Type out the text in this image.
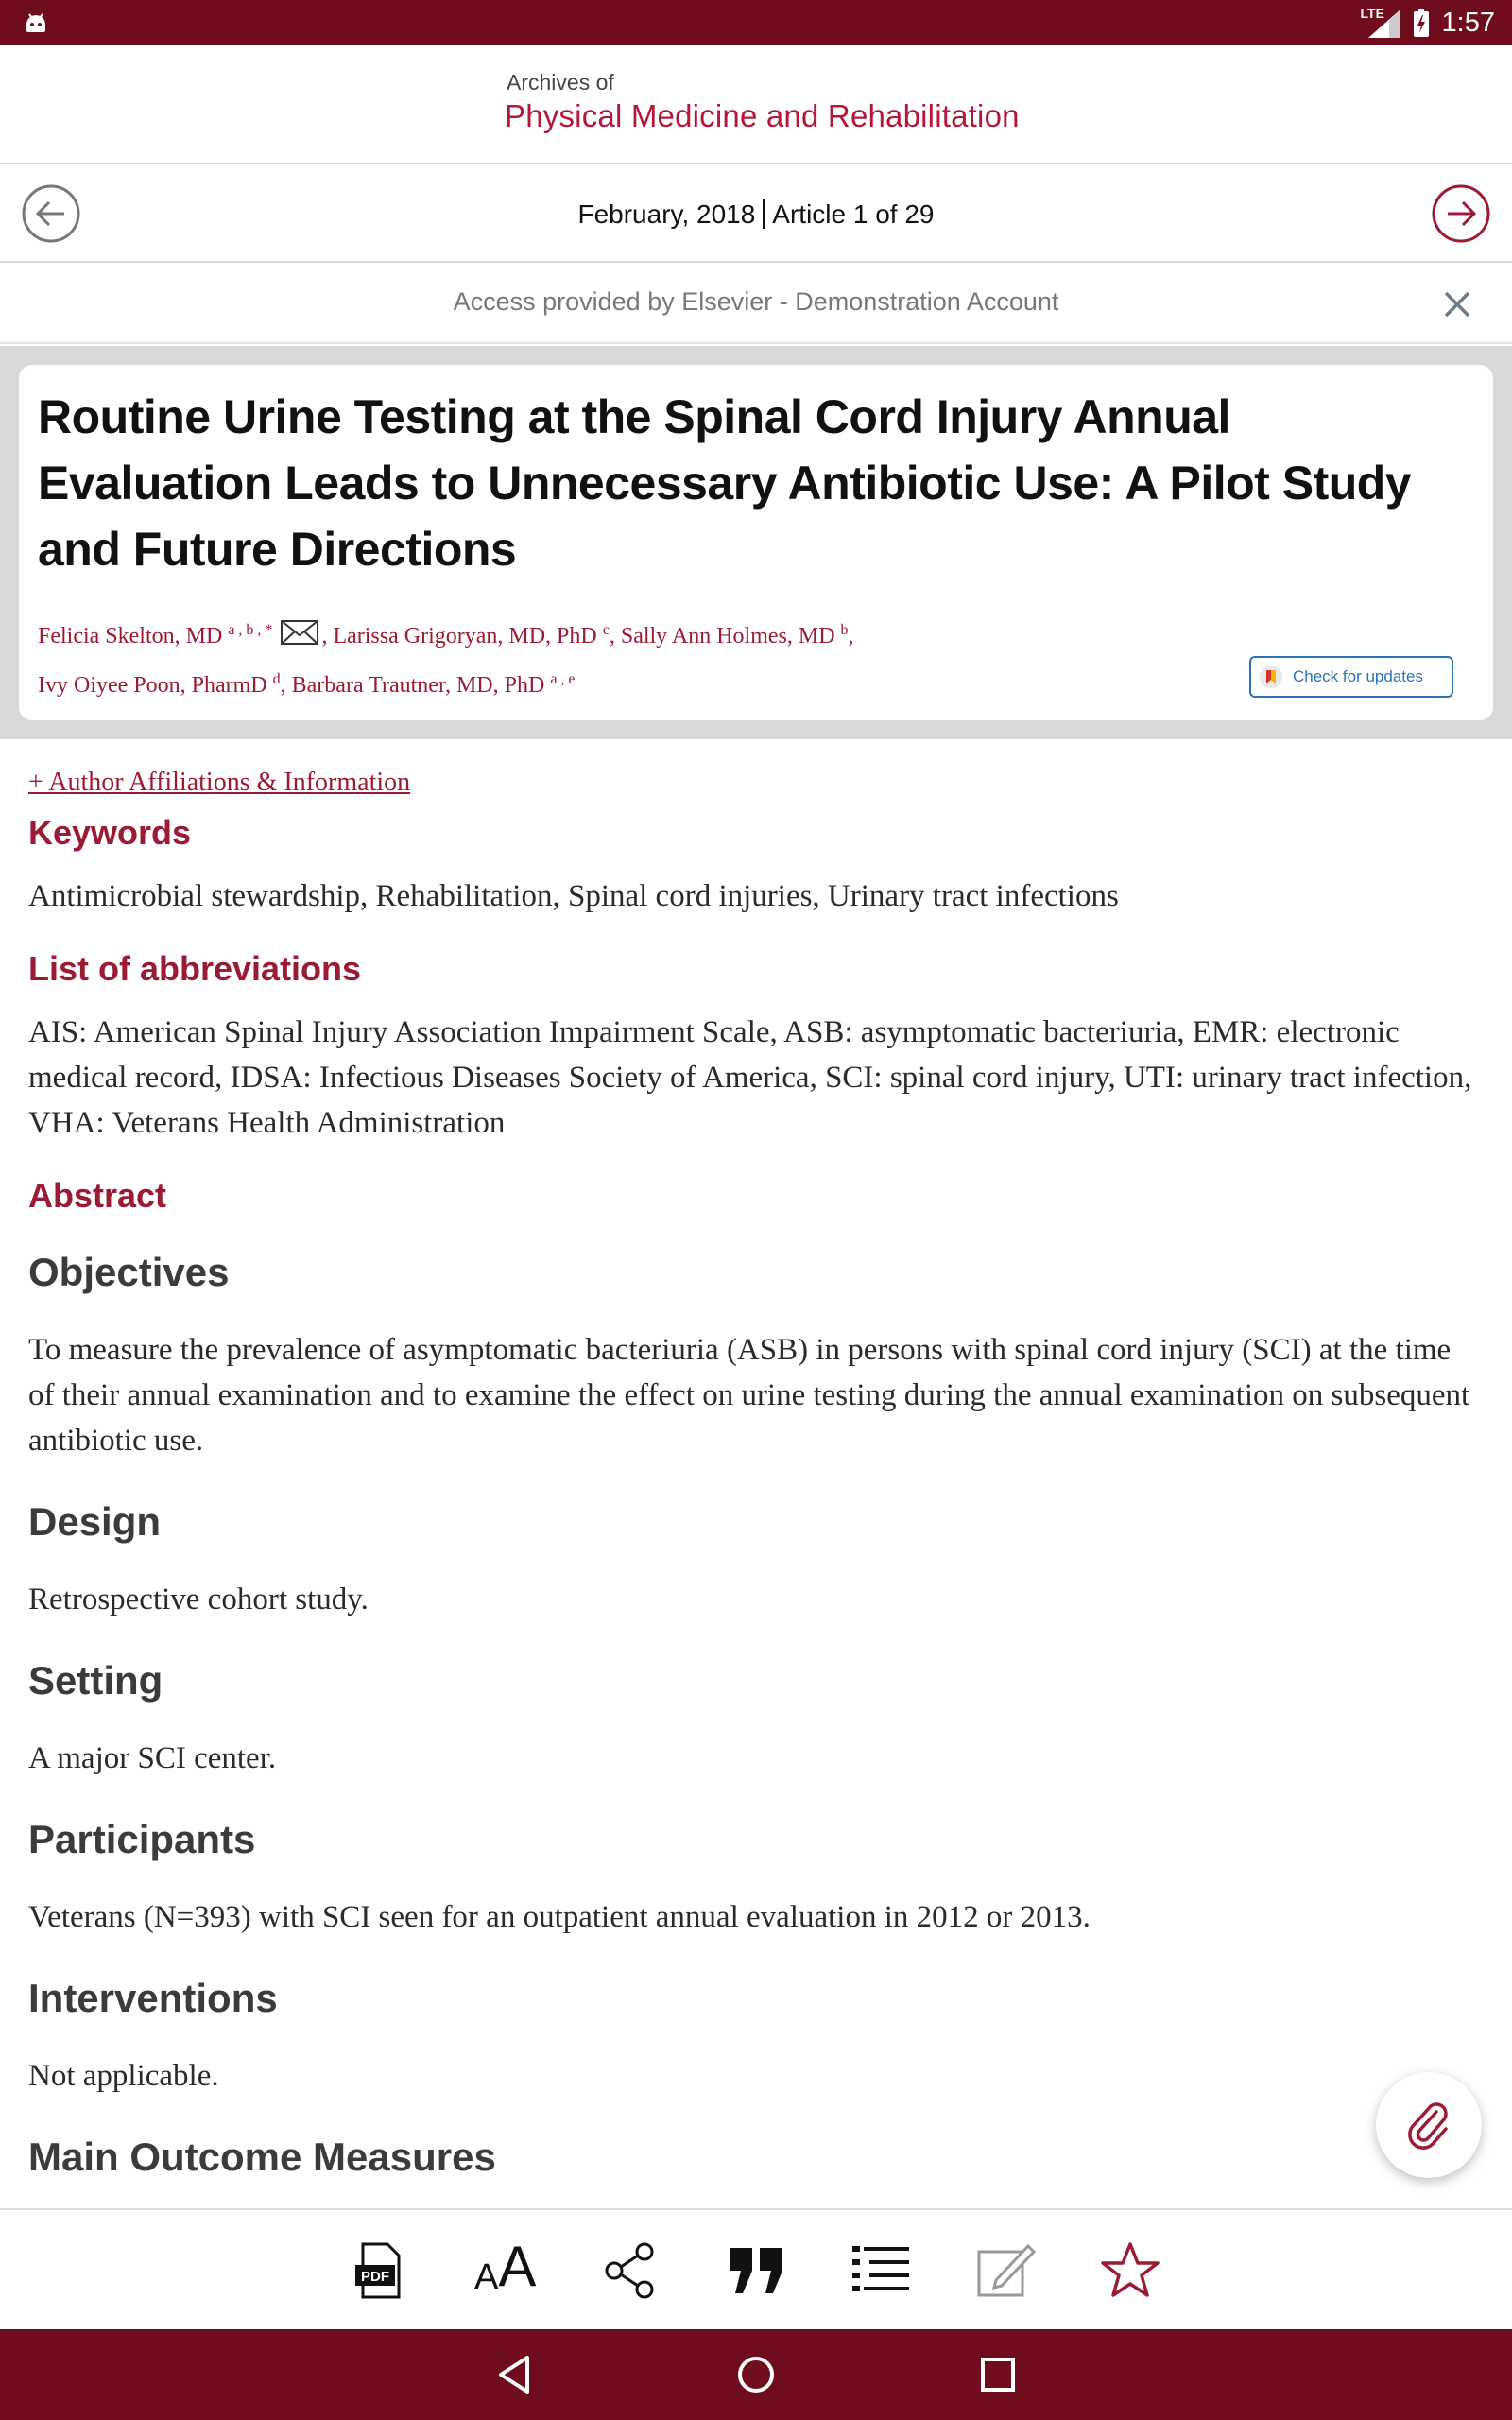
LTE 1:57
Archives of
Physical Medicine and Rehabilitation
February, 2018 Article 1 of 29
Access provided by Elsevier - Demonstration Account
Routine Urine Testing at the Spinal Cord Injury Annual Evaluation Leads to Unnecessary Antibiotic Use: A Pilot Study and Future Directions
Felicia Skelton, MD $^{a , b , *}$ , Larissa Grigoryan, MD, PhD $^c$, Sally Ann Holmes, MD $^b$,
Ivy Oiyee Poon, PharmD $^d$, Barbara Trautner, MD, PhD $^{a , e}$	Check for updates
+ Author Affiliations & Information
Keywords
Antimicrobial stewardship, Rehabilitation, Spinal cord injuries, Urinary tract infections
List of abbreviations
AIS: American Spinal Injury Association Impairment Scale, ASB: asymptomatic bacteriuria, EMR: electronic medical record, IDSA: Infectious Diseases Society of America, SCI: spinal cord injury, UTI: urinary tract infection, VHA: Veterans Health Administration
Abstract
Objectives
To measure the prevalence of asymptomatic bacteriuria (ASB) in persons with spinal cord injury (SCI) at the time of their annual examination and to examine the effect on urine testing during the annual examination on subsequent antibiotic use.
Design
Retrospective cohort study.
Setting
A major SCI center.
Participants
Veterans (N=393) with SCI seen for an outpatient annual evaluation in 2012 or 2013.
Interventions
Not applicable.
Main Outcome Measures
PDF A A
